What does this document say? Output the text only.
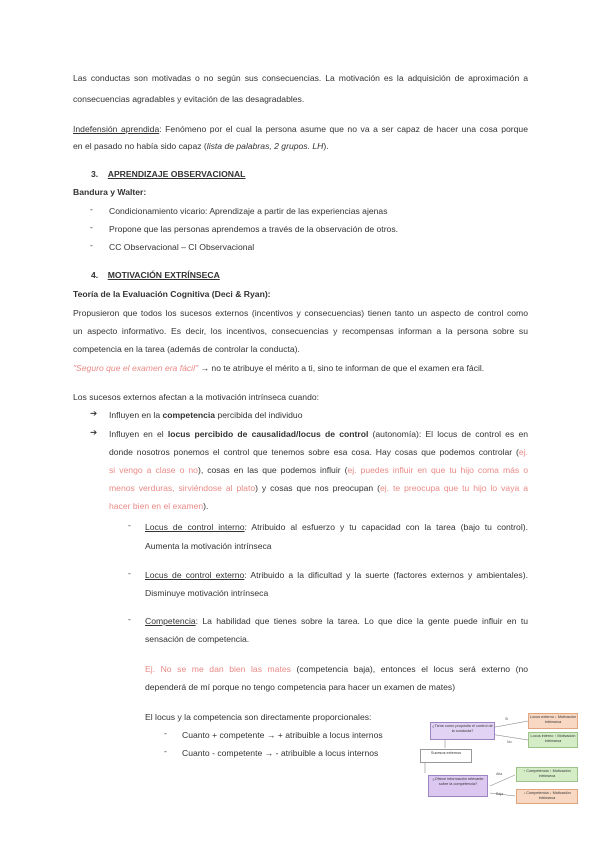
Las conductas son motivadas o no según sus consecuencias. La motivación es la adquisición de aproximación a
consecuencias agradables y evitación de las desagradables.
Indefensión aprendida: Fenómeno por el cual la persona asume que no va a ser capaz de hacer una cosa porque
en el pasado no había sido capaz (lista de palabras, 2 grupos. LH).
3. APRENDIZAJE OBSERVACIONAL
Bandura y Walter:
- Condicionamiento vicario: Aprendizaje a partir de las experiencias ajenas
- Propone que las personas aprendemos a través de la observación de otros.
- CC Observacional – CI Observacional
4. MOTIVACIÓN EXTRÍNSECA
Teoría de la Evaluación Cognitiva (Deci & Ryan):
Propusieron que todos los sucesos externos (incentivos y consecuencias) tienen tanto un aspecto de control como
un aspecto informativo. Es decir, los incentivos, consecuencias y recompensas informan a la persona sobre su
competencia en la tarea (además de controlar la conducta).
"Seguro que el examen era fácil" → no te atribuye el mérito a ti, sino te informan de que el examen era fácil.
Los sucesos externos afectan a la motivación intrínseca cuando:
➔ Influyen en la competencia percibida del individuo
➔ Influyen en el locus percibido de causalidad/locus de control (autonomía): El locus de control es en
donde nosotros ponemos el control que tenemos sobre esa cosa. Hay cosas que podemos controlar (ej.
si vengo a clase o no), cosas en las que podemos influir (ej. puedes influir en que tu hijo coma más o
menos verduras, sirviéndose al plato) y cosas que nos preocupan (ej. te preocupa que tu hijo lo vaya a
hacer bien en el examen).
- Locus de control interno: Atribuido al esfuerzo y tu capacidad con la tarea (bajo tu control).
Aumenta la motivación intrínseca
- Locus de control externo: Atribuido a la dificultad y la suerte (factores externos y ambientales).
Disminuye motivación intrínseca
- Competencia: La habilidad que tienes sobre la tarea. Lo que dice la gente puede influir en tu
sensación de competencia.
Ej. No se me dan bien las mates (competencia baja), entonces el locus será externo (no
dependerá de mí porque no tengo competencia para hacer un examen de mates)
El locus y la competencia son directamente proporcionales:
- Cuanto + competente → + atribuible a locus internos
- Cuanto - competente → - atribuible a locus internos
¿Tiene como propósito el control de la conducta?
Sucesos externos
¿Ofrece información relevante sobre la competencia?
Sí
No
Alta
Baja
Locus externo ↓ Motivación intrínseca
Locus interno ↑ Motivación intrínseca
↑ Competencia ↑ Motivación intrínseca
↓ Competencia ↓ Motivación intrínseca
